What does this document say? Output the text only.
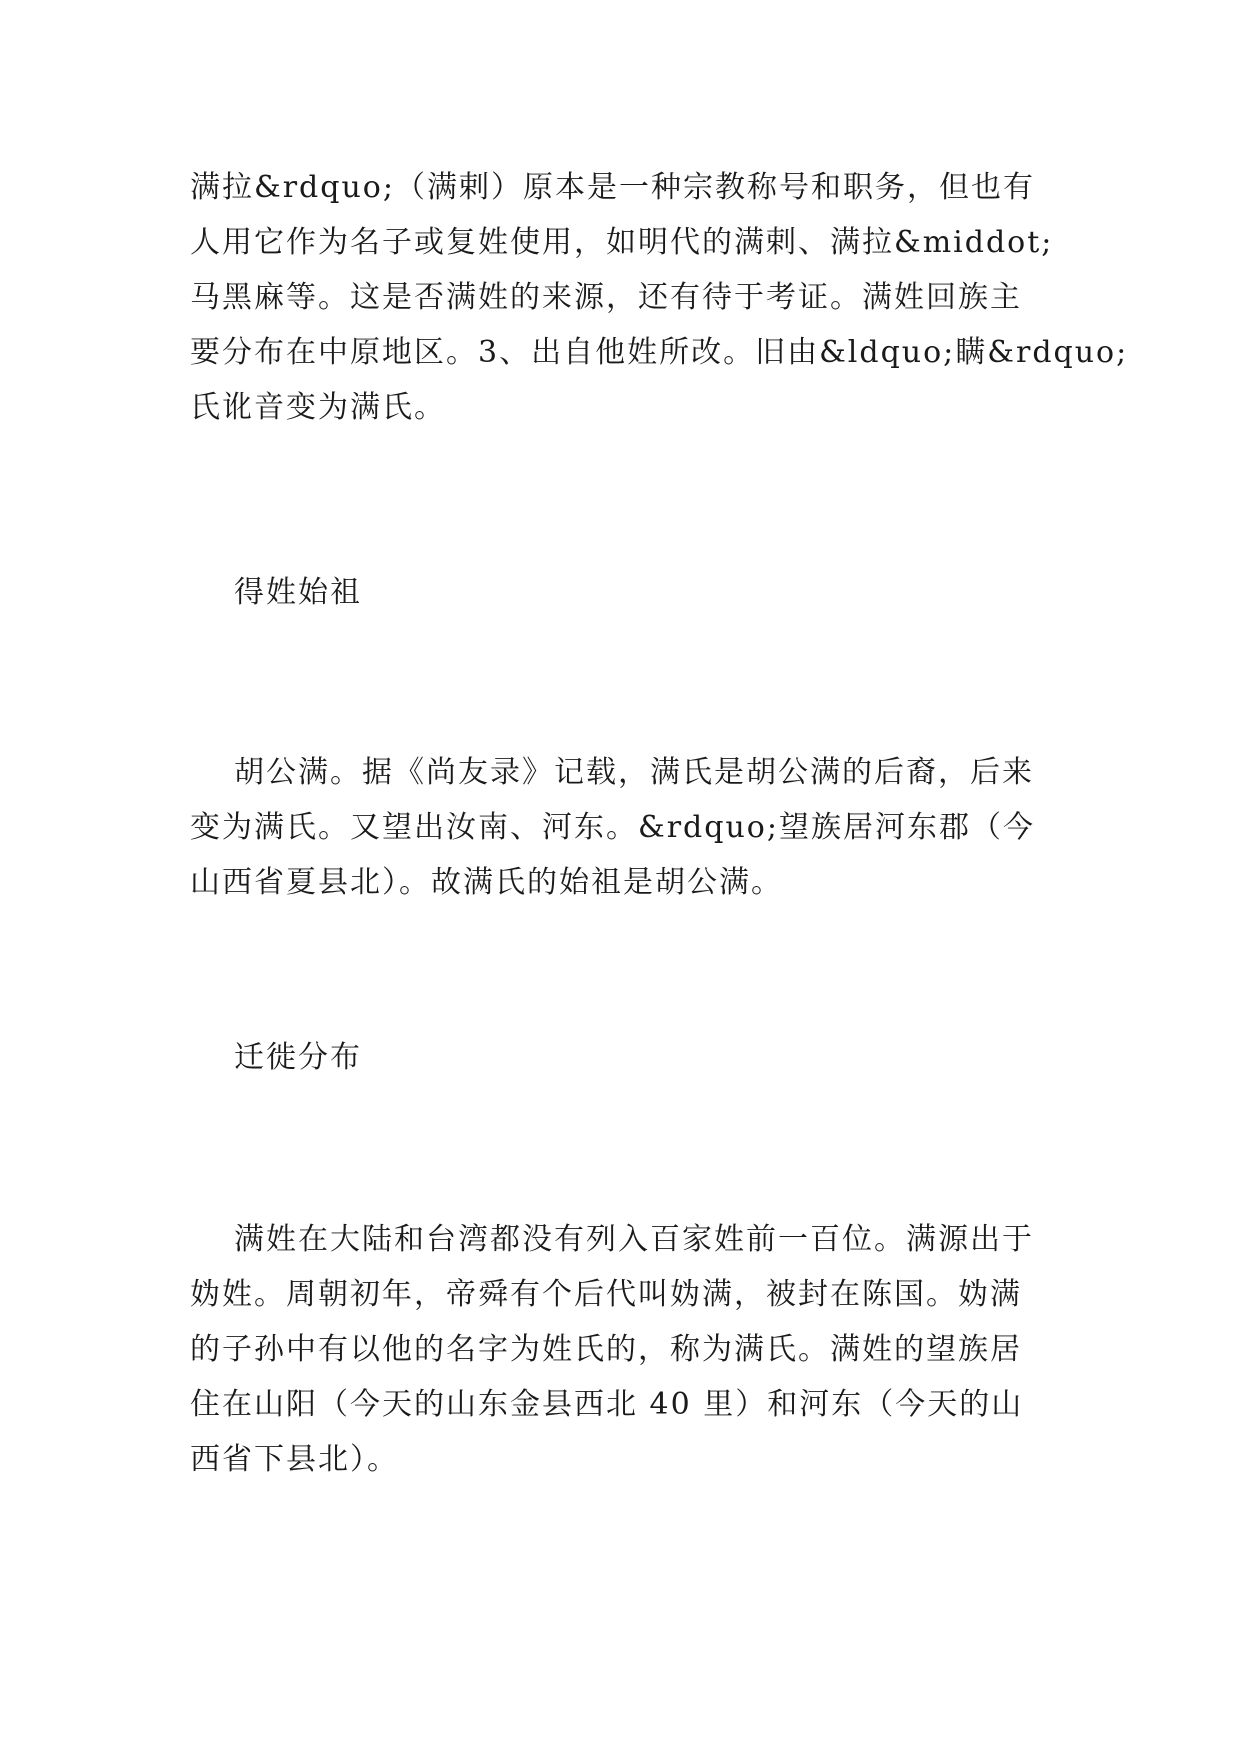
满拉&rdquo;（满剌）原本是一种宗教称号和职务，但也有
人用它作为名子或复姓使用，如明代的满剌、满拉&middot;
马黑麻等。这是否满姓的来源，还有待于考证。满姓回族主
要分布在中原地区。3、出自他姓所改。旧由&ldquo;瞒&rdquo;
氏讹音变为满氏。
得姓始祖
胡公满。据《尚友录》记载，满氏是胡公满的后裔，后来
变为满氏。又望出汝南、河东。&rdquo;望族居河东郡（今
山西省夏县北）。故满氏的始祖是胡公满。
迁徙分布
满姓在大陆和台湾都没有列入百家姓前一百位。满源出于
妫姓。周朝初年，帝舜有个后代叫妫满，被封在陈国。妫满
的子孙中有以他的名字为姓氏的，称为满氏。满姓的望族居
住在山阳（今天的山东金县西北 40 里）和河东（今天的山
西省下县北）。
